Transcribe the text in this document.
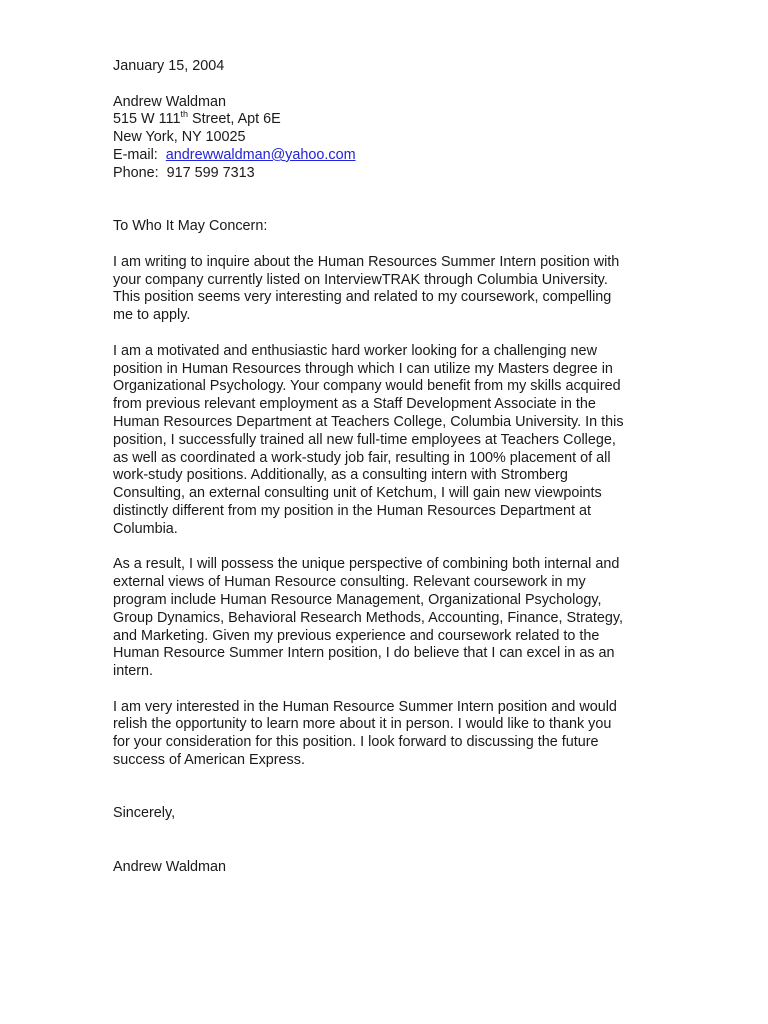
January 15, 2004
Andrew Waldman
515 W 111th Street, Apt 6E
New York, NY 10025
E-mail: andrewwaldman@yahoo.com
Phone: 917 599 7313
To Who It May Concern:
I am writing to inquire about the Human Resources Summer Intern position with
your company currently listed on InterviewTRAK through Columbia University.
This position seems very interesting and related to my coursework, compelling
me to apply.
I am a motivated and enthusiastic hard worker looking for a challenging new
position in Human Resources through which I can utilize my Masters degree in
Organizational Psychology. Your company would benefit from my skills acquired
from previous relevant employment as a Staff Development Associate in the
Human Resources Department at Teachers College, Columbia University. In this
position, I successfully trained all new full-time employees at Teachers College,
as well as coordinated a work-study job fair, resulting in 100% placement of all
work-study positions. Additionally, as a consulting intern with Stromberg
Consulting, an external consulting unit of Ketchum, I will gain new viewpoints
distinctly different from my position in the Human Resources Department at
Columbia.
As a result, I will possess the unique perspective of combining both internal and
external views of Human Resource consulting. Relevant coursework in my
program include Human Resource Management, Organizational Psychology,
Group Dynamics, Behavioral Research Methods, Accounting, Finance, Strategy,
and Marketing. Given my previous experience and coursework related to the
Human Resource Summer Intern position, I do believe that I can excel in as an
intern.
I am very interested in the Human Resource Summer Intern position and would
relish the opportunity to learn more about it in person. I would like to thank you
for your consideration for this position. I look forward to discussing the future
success of American Express.
Sincerely,
Andrew Waldman
